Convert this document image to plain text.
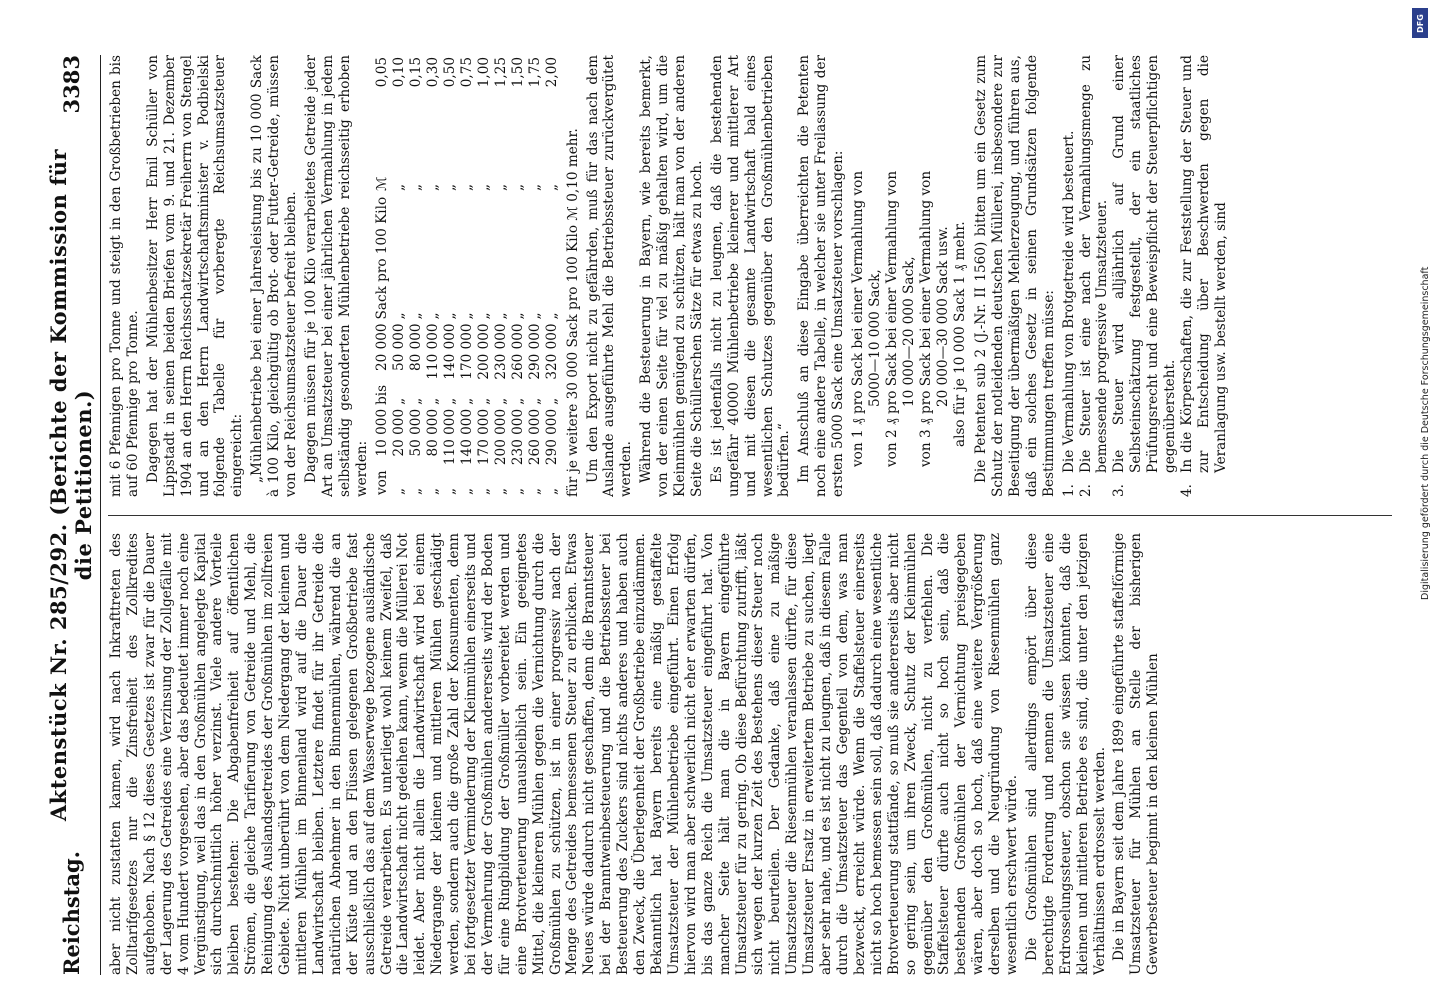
Reichstag.
Aktenstück Nr. 285/292. (Berichte der Kommission für die Petitionen.)
3383

aber nicht zustatten kamen, wird nach Inkrafttreten des Zolltarifgesetzes nur die Zinsfreiheit des Zollkredites aufgehoben. Nach § 12 dieses Gesetzes ist zwar für die Dauer der Lagerung des Getreides eine Verzinsung der Zollgefälle mit 4 vom Hundert vorgesehen, aber das bedeutet immer noch eine Vergünstigung, weil das in den Großmühlen angelegte Kapital sich durchschnittlich höher verzinst. Viele andere Vorteile bleiben bestehen: Die Abgabenfreiheit auf öffentlichen Strömen, die gleiche Tarifierung von Getreide und Mehl, die Reinigung des Auslandsgetreides der Großmühlen im zollfreien Gebiete. Nicht unberührt von dem Niedergang der kleinen und mittleren Mühlen im Binnenland wird auf die Dauer die Landwirtschaft bleiben. Letztere findet für ihr Getreide die natürlichen Abnehmer in den Binnenmühlen, während die an der Küste und an den Flüssen gelegenen Großbetriebe fast ausschließlich das auf dem Wasserwege bezogene ausländische Getreide verarbeiten. Es unterliegt wohl keinem Zweifel, daß die Landwirtschaft nicht gedeihen kann, wenn die Müllerei Not leidet. Aber nicht allein die Landwirtschaft wird bei einem Niedergange der kleinen und mittleren Mühlen geschädigt werden, sondern auch die große Zahl der Konsumenten, denn bei fortgesetzter Verminderung der Kleinmühlen einerseits und der Vermehrung der Großmühlen andererseits wird der Boden für eine Ringbildung der Großmüller vorbereitet werden und eine Brotverteuerung unausbleiblich sein. Ein geeignetes Mittel, die kleineren Mühlen gegen die Vernichtung durch die Großmühlen zu schützen, ist in einer progressiv nach der Menge des Getreides bemessenen Steuer zu erblicken. Etwas Neues würde dadurch nicht geschaffen, denn die Branntsteuer bei der Branntweinbesteuerung und die Betriebssteuer bei Besteuerung des Zuckers sind nichts anderes und haben auch den Zweck, die Überlegenheit der Großbetriebe einzudämmen. Bekanntlich hat Bayern bereits eine mäßig gestaffelte Umsatzsteuer der Mühlenbetriebe eingeführt. Einen Erfolg hiervon wird man aber schwerlich nicht eher erwarten dürfen, bis das ganze Reich die Umsatzsteuer eingeführt hat. Von mancher Seite hält man die in Bayern eingeführte Umsatzsteuer für zu gering. Ob diese Befürchtung zutrifft, läßt sich wegen der kurzen Zeit des Bestehens dieser Steuer noch nicht beurteilen. Der Gedanke, daß eine zu mäßige Umsatzsteuer die Riesenmühlen veranlassen dürfte, für diese Umsatzsteuer Ersatz in erweitertem Betriebe zu suchen, liegt aber sehr nahe, und es ist nicht zu leugnen, daß in diesem Falle durch die Umsatzsteuer das Gegenteil von dem, was man bezweckt, erreicht würde. Wenn die Staffelsteuer einerseits nicht so hoch bemessen sein soll, daß dadurch eine wesentliche Brotverteuerung stattfände, so muß sie andererseits aber nicht so gering sein, um ihren Zweck, Schutz der Kleinmühlen gegenüber den Großmühlen, nicht zu verfehlen. Die Staffelsteuer dürfte auch nicht so hoch sein, daß die bestehenden Großmühlen der Vernichtung preisgegeben wären, aber doch so hoch, daß eine weitere Vergrößerung derselben und die Neugründung von Riesenmühlen ganz wesentlich erschwert würde. Die Großmühlen sind allerdings empört über diese berechtigte Forderung und nennen die Umsatzsteuer eine Erdrosselungssteuer, obschon sie wissen könnten, daß die kleinen und mittleren Betriebe es sind, die unter den jetzigen Verhältnissen erdrosselt werden. Die in Bayern seit dem Jahre 1899 eingeführte staffelförmige Umsatzsteuer für Mühlen an Stelle der bisherigen Gewerbesteuer beginnt in den kleinen Mühlen

mit 6 Pfennigen pro Tonne und steigt in den Großbetrieben bis auf 60 Pfennige pro Tonne. Dagegen hat der Mühlenbesitzer Herr Emil Schüller von Lippstadt in seinen beiden Briefen vom 9. und 21. Dezember 1904 an den Herrn Reichsschatzsekretär Freiherrn von Stengel und an den Herrn Landwirtschaftsminister v. Podbielski folgende Tabelle für vorberegte Reichsumsatzsteuer eingereicht: „Mühlenbetriebe bei einer Jahresleistung bis zu 10 000 Sack à 100 Kilo, gleichgültig ob Brot- oder Futter-Getreide, müssen von der Reichsumsatzsteuer befreit bleiben. Dagegen müssen für je 100 Kilo verarbeitetes Getreide jeder Art an Umsatzsteuer bei einer jährlichen Vermahlung in jedem selbständig gesonderten Mühlenbetriebe reichsseitig erhoben werden: von	10 000	bis	20 000	Sack pro 100 Kilo	ℳ	0,05
„	20 000	„	50 000	„	„	0,10
„	50 000	„	80 000	„	„	0,15
„	80 000	„	110 000	„	„	0,30
„	110 000	„	140 000	„	„	0,50
„	140 000	„	170 000	„	„	0,75
„	170 000	„	200 000	„	„	1,00
„	200 000	„	230 000	„	„	1,25
„	230 000	„	260 000	„	„	1,50
„	260 000	„	290 000	„	„	1,75
„	290 000	„	320 000	„	„	2,00

für je weitere 30 000 Sack pro 100 Kilo ℳ 0,10 mehr. Um den Export nicht zu gefährden, muß für das nach dem Auslande ausgeführte Mehl die Betriebssteuer zurückvergütet werden. Während die Besteuerung in Bayern, wie bereits bemerkt, von der einen Seite für viel zu mäßig gehalten wird, um die Kleinmühlen genügend zu schützen, hält man von der anderen Seite die Schüllerschen Sätze für etwas zu hoch. Es ist jedenfalls nicht zu leugnen, daß die bestehenden ungefähr 40000 Mühlenbetriebe kleinerer und mittlerer Art und mit diesen die gesamte Landwirtschaft bald eines wesentlichen Schutzes gegenüber den Großmühlenbetrieben bedürfen.“ Im Anschluß an diese Eingabe überreichten die Petenten noch eine andere Tabelle, in welcher sie unter Freilassung der ersten 5000 Sack eine Umsatzsteuer vorschlagen: von 1 ₰ pro Sack bei einer Vermahlung von 5000—10 000 Sack, von 2 ₰ pro Sack bei einer Vermahlung von 10 000—20 000 Sack, von 3 ₰ pro Sack bei einer Vermahlung von 20 000—30 000 Sack usw. also für je 10 000 Sack 1 ₰ mehr. Die Petenten sub 2 (J.-Nr. II 1560) bitten um ein Gesetz zum Schutz der notleidenden deutschen Müllerei, insbesondere zur Beseitigung der übermäßigen Mehlerzeugung, und führen aus, daß ein solches Gesetz in seinen Grundsätzen folgende Bestimmungen treffen müsse: 1.
Die Vermahlung von Brotgetreide wird besteuert.
2.
Die Steuer ist eine nach der Vermahlungsmenge zu bemessende progressive Umsatzsteuer.
3.
Die Steuer wird alljährlich auf Grund einer Selbsteinschätzung festgestellt, der ein staatliches Prüfungsrecht und eine Beweispflicht der Steuerpflichtigen gegenübersteht.
4.
In die Körperschaften, die zur Feststellung der Steuer und zur Entscheidung über Beschwerden gegen die Veranlagung usw. bestellt werden, sind
DFG
Digitalisierung gefördert durch die Deutsche Forschungsgemeinschaft
